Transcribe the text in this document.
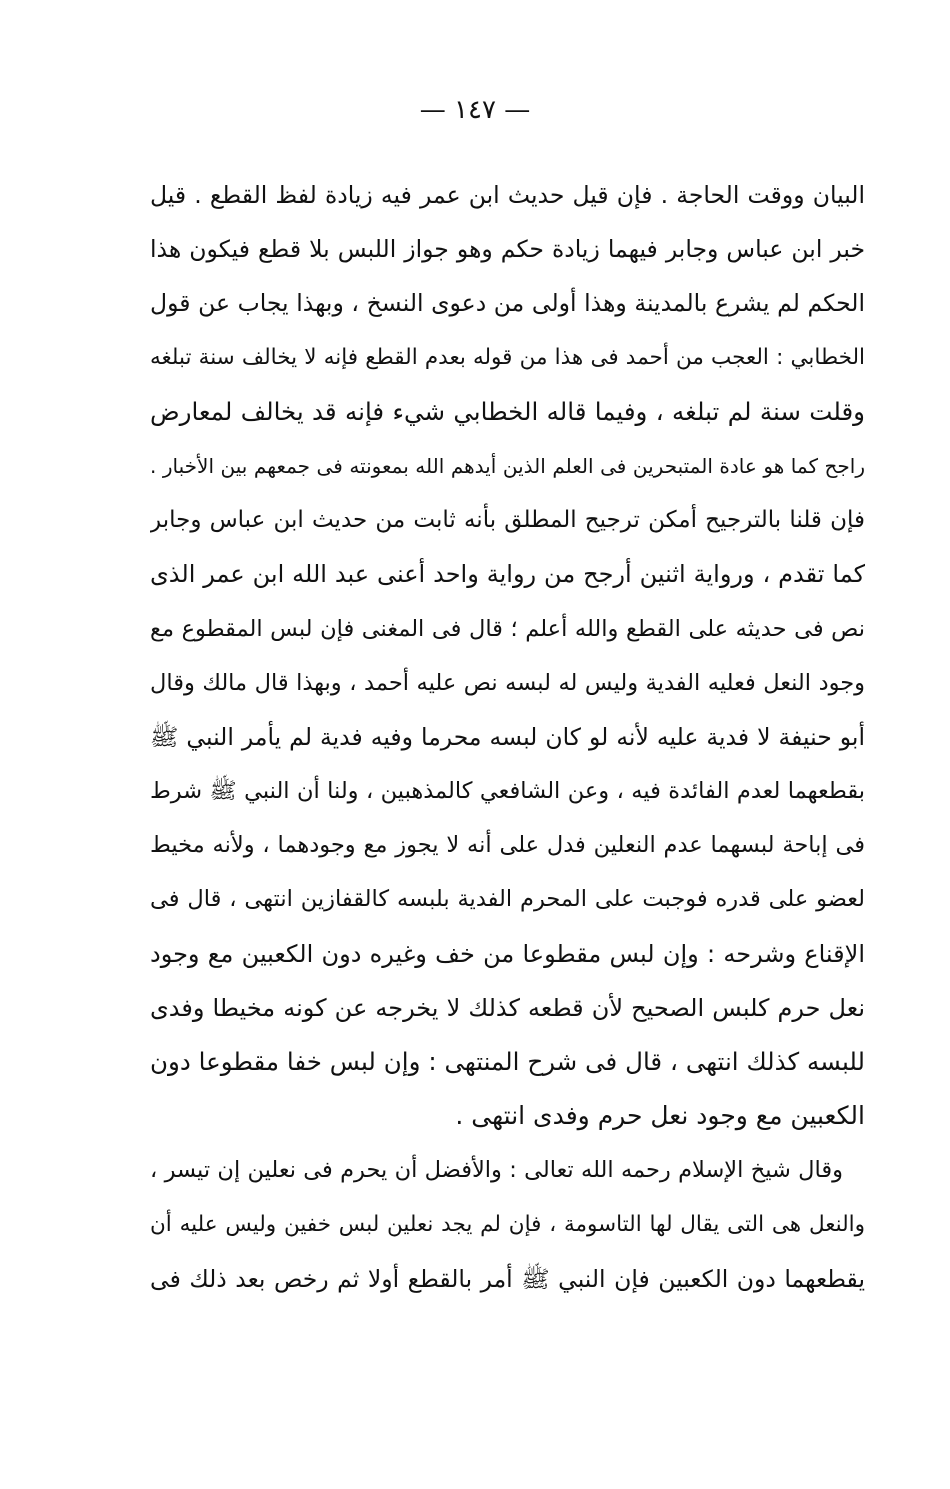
— ١٤٧ —
البيان ووقت الحاجة . فإن قيل حديث ابن عمر فيه زيادة لفظ القطع . قيل
خبر ابن عباس وجابر فيهما زيادة حكم وهو جواز اللبس بلا قطع فيكون هذا
الحكم لم يشرع بالمدينة وهذا أولى من دعوى النسخ ، وبهذا يجاب عن قول
الخطابي : العجب من أحمد فى هذا من قوله بعدم القطع فإنه لا يخالف سنة تبلغه
وقلت سنة لم تبلغه ، وفيما قاله الخطابي شيء فإنه قد يخالف لمعارض
راجح كما هو عادة المتبحرين فى العلم الذين أيدهم الله بمعونته فى جمعهم بين الأخبار .
فإن قلنا بالترجيح أمكن ترجيح المطلق بأنه ثابت من حديث ابن عباس وجابر
كما تقدم ، ورواية اثنين أرجح من رواية واحد أعنى عبد الله ابن عمر الذى
نص فى حديثه على القطع والله أعلم ؛ قال فى المغنى فإن لبس المقطوع مع
وجود النعل فعليه الفدية وليس له لبسه نص عليه أحمد ، وبهذا قال مالك وقال
أبو حنيفة لا فدية عليه لأنه لو كان لبسه محرما وفيه فدية لم يأمر النبي ﷺ
بقطعهما لعدم الفائدة فيه ، وعن الشافعي كالمذهبين ، ولنا أن النبي ﷺ شرط
فى إباحة لبسهما عدم النعلين فدل على أنه لا يجوز مع وجودهما ، ولأنه مخيط
لعضو على قدره فوجبت على المحرم الفدية بلبسه كالقفازين انتهى ، قال فى
الإقناع وشرحه : وإن لبس مقطوعا من خف وغيره دون الكعبين مع وجود
نعل حرم كلبس الصحيح لأن قطعه كذلك لا يخرجه عن كونه مخيطا وفدى
للبسه كذلك انتهى ، قال فى شرح المنتهى : وإن لبس خفا مقطوعا دون
الكعبين مع وجود نعل حرم وفدى انتهى .
وقال شيخ الإسلام رحمه الله تعالى : والأفضل أن يحرم فى نعلين إن تيسر ،
والنعل هى التى يقال لها التاسومة ، فإن لم يجد نعلين لبس خفين وليس عليه أن
يقطعهما دون الكعبين فإن النبي ﷺ أمر بالقطع أولا ثم رخص بعد ذلك فى
